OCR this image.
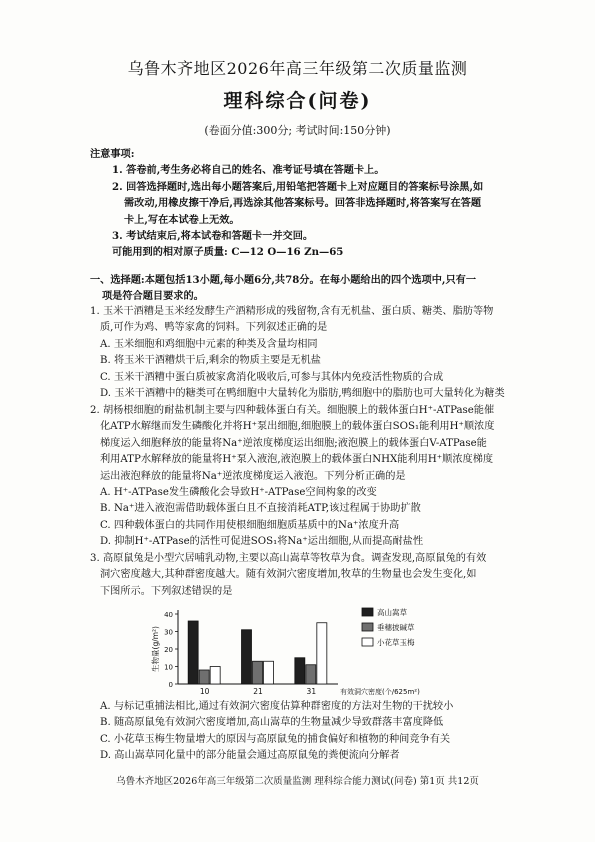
乌鲁木齐地区2026年高三年级第二次质量监测
理科综合(问卷)
(卷面分值:300分; 考试时间:150分钟)
注意事项:
1. 答卷前,考生务必将自己的姓名、准考证号填在答题卡上。
2. 回答选择题时,选出每小题答案后,用铅笔把答题卡上对应题目的答案标号涂黑,如
需改动,用橡皮擦干净后,再选涂其他答案标号。回答非选择题时,将答案写在答题
卡上,写在本试卷上无效。
3. 考试结束后,将本试卷和答题卡一并交回。
可能用到的相对原子质量: C—12 O—16 Zn—65
一、选择题:本题包括13小题,每小题6分,共78分。在每小题给出的四个选项中,只有一
项是符合题目要求的。
1. 玉米干酒糟是玉米经发酵生产酒精形成的残留物,含有无机盐、蛋白质、糖类、脂肪等物
质,可作为鸡、鸭等家禽的饲料。下列叙述正确的是
A. 玉米细胞和鸡细胞中元素的种类及含量均相同
B. 将玉米干酒糟烘干后,剩余的物质主要是无机盐
C. 玉米干酒糟中蛋白质被家禽消化吸收后,可参与其体内免疫活性物质的合成
D. 玉米干酒糟中的糖类可在鸭细胞中大量转化为脂肪,鸭细胞中的脂肪也可大量转化为糖类
2. 胡杨根细胞的耐盐机制主要与四种载体蛋白有关。细胞膜上的载体蛋白H⁺-ATPase能催
化ATP水解继而发生磷酸化并将H⁺泵出细胞,细胞膜上的载体蛋白SOS₁能利用H⁺顺浓度
梯度运入细胞释放的能量将Na⁺逆浓度梯度运出细胞;液泡膜上的载体蛋白V-ATPase能
利用ATP水解释放的能量将H⁺泵入液泡,液泡膜上的载体蛋白NHX能利用H⁺顺浓度梯度
运出液泡释放的能量将Na⁺逆浓度梯度运入液泡。下列分析正确的是
A. H⁺-ATPase发生磷酸化会导致H⁺-ATPase空间构象的改变
B. Na⁺进入液泡需借助载体蛋白且不直接消耗ATP,该过程属于协助扩散
C. 四种载体蛋白的共同作用使根细胞细胞质基质中的Na⁺浓度升高
D. 抑制H⁺-ATPase的活性可促进SOS₁将Na⁺运出细胞,从而提高耐盐性
3. 高原鼠兔是小型穴居哺乳动物,主要以高山嵩草等牧草为食。调查发现,高原鼠兔的有效
洞穴密度越大,其种群密度越大。随有效洞穴密度增加,牧草的生物量也会发生变化,如
下图所示。下列叙述错误的是
0
10
20
30
40
生物量(g/m²)
10	21	31	有效洞穴密度(个/625m²)
高山嵩草
垂穗披碱草
小花草玉梅
A. 与标记重捕法相比,通过有效洞穴密度估算种群密度的方法对生物的干扰较小
B. 随高原鼠兔有效洞穴密度增加,高山嵩草的生物量减少导致群落丰富度降低
C. 小花草玉梅生物量增大的原因与高原鼠兔的捕食偏好和植物的种间竞争有关
D. 高山嵩草同化量中的部分能量会通过高原鼠兔的粪便流向分解者
乌鲁木齐地区2026年高三年级第二次质量监测 理科综合能力测试(问卷) 第1页 共12页
